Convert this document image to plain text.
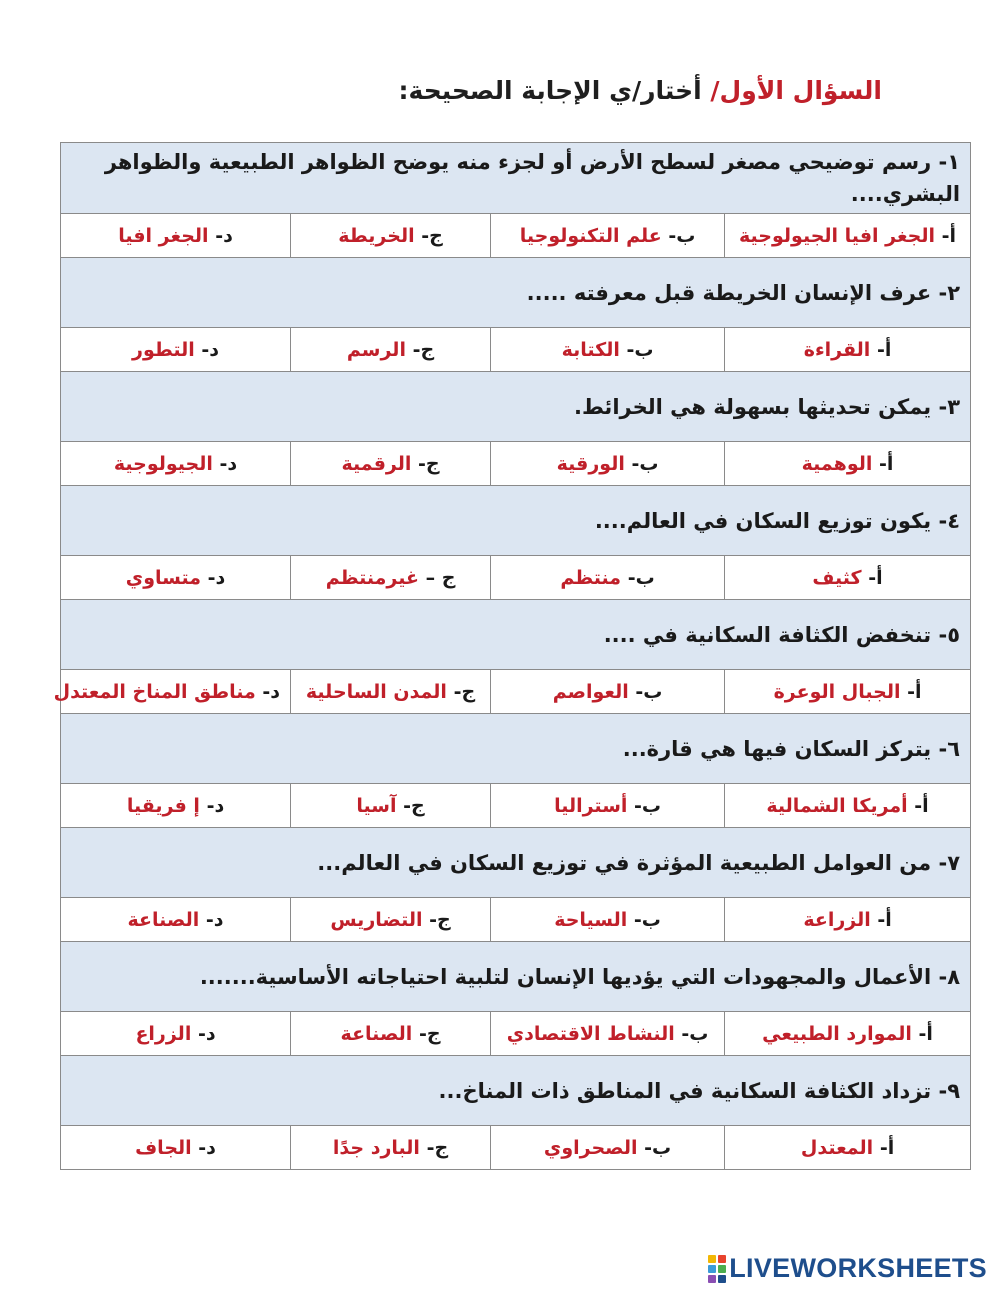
السؤال الأول/ أختار/ي الإجابة الصحيحة:
١- رسم توضيحي مصغر لسطح الأرض أو لجزء منه يوضح الظواهر الطبيعية والظواهر البشري....			
أ- الجغر افيا الجيولوجية	ب- علم التكنولوجيا	ج- الخريطة	د- الجغر افيا
٢- عرف الإنسان الخريطة قبل معرفته .....			
أ- القراءة	ب- الكتابة	ج- الرسم	د- التطور
٣- يمكن تحديثها بسهولة هي الخرائط.			
أ- الوهمية	ب- الورقية	ج- الرقمية	د- الجيولوجية
٤- يكون توزيع السكان في العالم....			
أ- كثيف	ب- منتظم	ج – غيرمنتظم	د- متساوي
٥- تنخفض الكثافة السكانية في ....			
أ- الجبال الوعرة	ب- العواصم	ج- المدن الساحلية	د- مناطق المناخ المعتدل
٦- يتركز السكان فيها هي قارة...			
أ- أمريكا الشمالية	ب- أستراليا	ج- آسيا	د- إ فريقيا
٧- من العوامل الطبيعية المؤثرة في توزيع السكان في العالم...			
أ- الزراعة	ب- السياحة	ج- التضاريس	د- الصناعة
٨- الأعمال والمجهودات التي يؤديها الإنسان لتلبية احتياجاته الأساسية.......			
أ- الموارد الطبيعي	ب- النشاط الاقتصادي	ج- الصناعة	د- الزراع
٩- تزداد الكثافة السكانية في المناطق ذات المناخ...			
أ- المعتدل	ب- الصحراوي	ج- البارد جدًا	د- الجاف
LIVEWORKSHEETS
